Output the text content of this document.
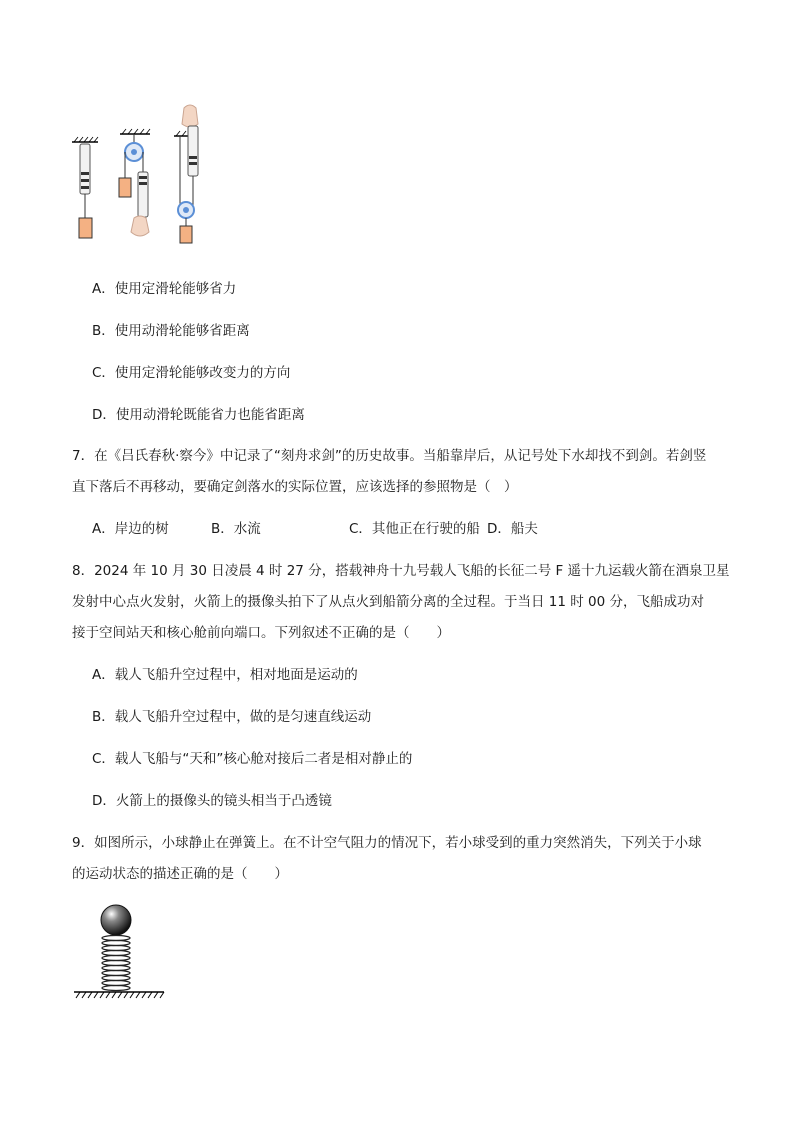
A．使用定滑轮能够省力
B．使用动滑轮能够省距离
C．使用定滑轮能够改变力的方向
D．使用动滑轮既能省力也能省距离
7．在《吕氏春秋·察今》中记录了“刻舟求剑”的历史故事。当船靠岸后，从记号处下水却找不到剑。若剑竖
直下落后不再移动，要确定剑落水的实际位置，应该选择的参照物是（　）
A．岸边的树	B．水流	C．其他正在行驶的船 D．船夫
8．2024 年 10 月 30 日凌晨 4 时 27 分，搭载神舟十九号载人飞船的长征二号 F 遥十九运载火箭在酒泉卫星
发射中心点火发射，火箭上的摄像头拍下了从点火到船箭分离的全过程。于当日 11 时 00 分，飞船成功对
接于空间站天和核心舱前向端口。下列叙述不正确的是（　　）
A．载人飞船升空过程中，相对地面是运动的
B．载人飞船升空过程中，做的是匀速直线运动
C．载人飞船与“天和”核心舱对接后二者是相对静止的
D．火箭上的摄像头的镜头相当于凸透镜
9．如图所示，小球静止在弹簧上。在不计空气阻力的情况下，若小球受到的重力突然消失，下列关于小球
的运动状态的描述正确的是（　　）
